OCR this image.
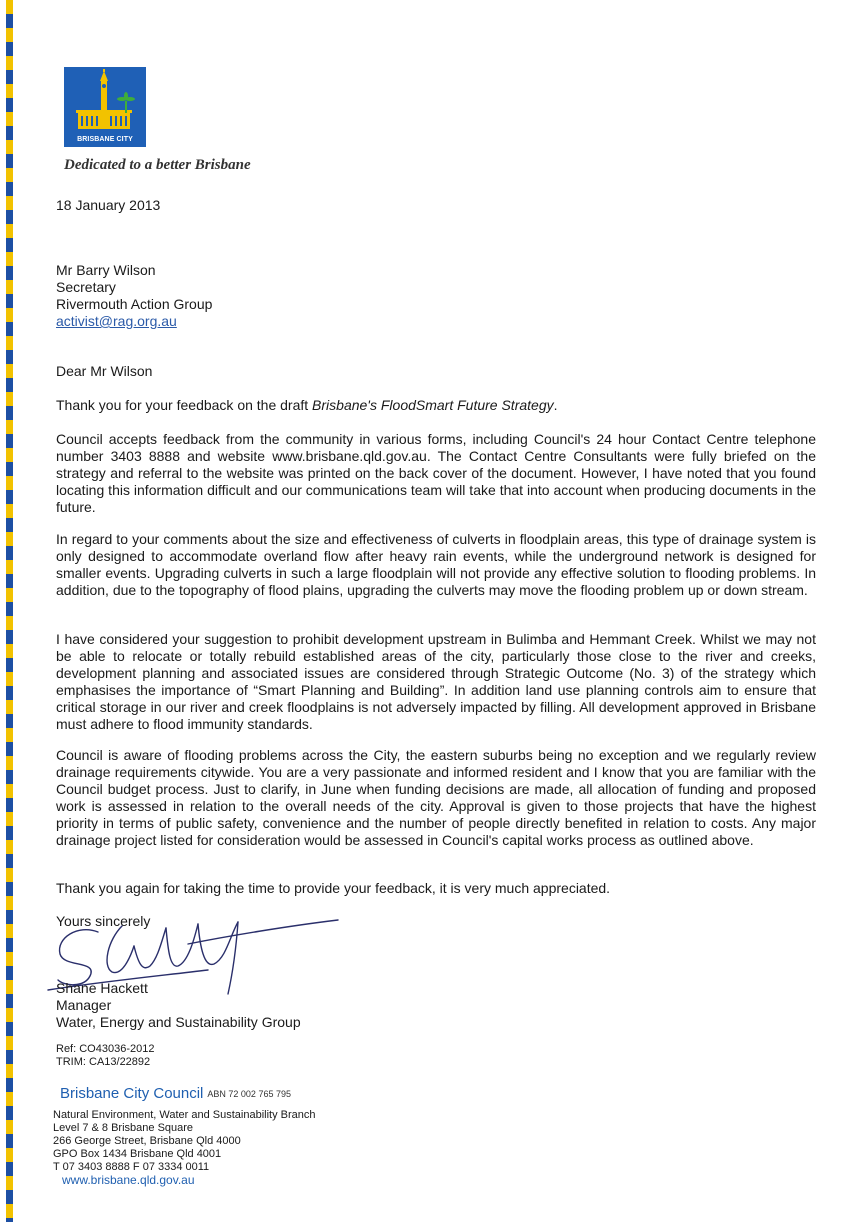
BRISBANE CITY
Dedicated to a better Brisbane
18 January 2013
Mr Barry Wilson
Secretary
Rivermouth Action Group
activist@rag.org.au
Dear Mr Wilson
Thank you for your feedback on the draft Brisbane's FloodSmart Future Strategy.
Council accepts feedback from the community in various forms, including Council's 24 hour Contact Centre telephone number 3403 8888 and website www.brisbane.qld.gov.au. The Contact Centre Consultants were fully briefed on the strategy and referral to the website was printed on the back cover of the document. However, I have noted that you found locating this information difficult and our communications team will take that into account when producing documents in the future.
In regard to your comments about the size and effectiveness of culverts in floodplain areas, this type of drainage system is only designed to accommodate overland flow after heavy rain events, while the underground network is designed for smaller events. Upgrading culverts in such a large floodplain will not provide any effective solution to flooding problems. In addition, due to the topography of flood plains, upgrading the culverts may move the flooding problem up or down stream.
I have considered your suggestion to prohibit development upstream in Bulimba and Hemmant Creek. Whilst we may not be able to relocate or totally rebuild established areas of the city, particularly those close to the river and creeks, development planning and associated issues are considered through Strategic Outcome (No. 3) of the strategy which emphasises the importance of “Smart Planning and Building”. In addition land use planning controls aim to ensure that critical storage in our river and creek floodplains is not adversely impacted by filling. All development approved in Brisbane must adhere to flood immunity standards.
Council is aware of flooding problems across the City, the eastern suburbs being no exception and we regularly review drainage requirements citywide. You are a very passionate and informed resident and I know that you are familiar with the Council budget process. Just to clarify, in June when funding decisions are made, all allocation of funding and proposed work is assessed in relation to the overall needs of the city. Approval is given to those projects that have the highest priority in terms of public safety, convenience and the number of people directly benefited in relation to costs. Any major drainage project listed for consideration would be assessed in Council's capital works process as outlined above.
Thank you again for taking the time to provide your feedback, it is very much appreciated.
Yours sincerely
Shane Hackett
Manager
Water, Energy and Sustainability Group
Ref: CO43036-2012
TRIM: CA13/22892
Brisbane City Council ABN 72 002 765 795
Natural Environment, Water and Sustainability Branch
Level 7 & 8 Brisbane Square
266 George Street, Brisbane Qld 4000
GPO Box 1434 Brisbane Qld 4001
T 07 3403 8888 F 07 3334 0011
www.brisbane.qld.gov.au
